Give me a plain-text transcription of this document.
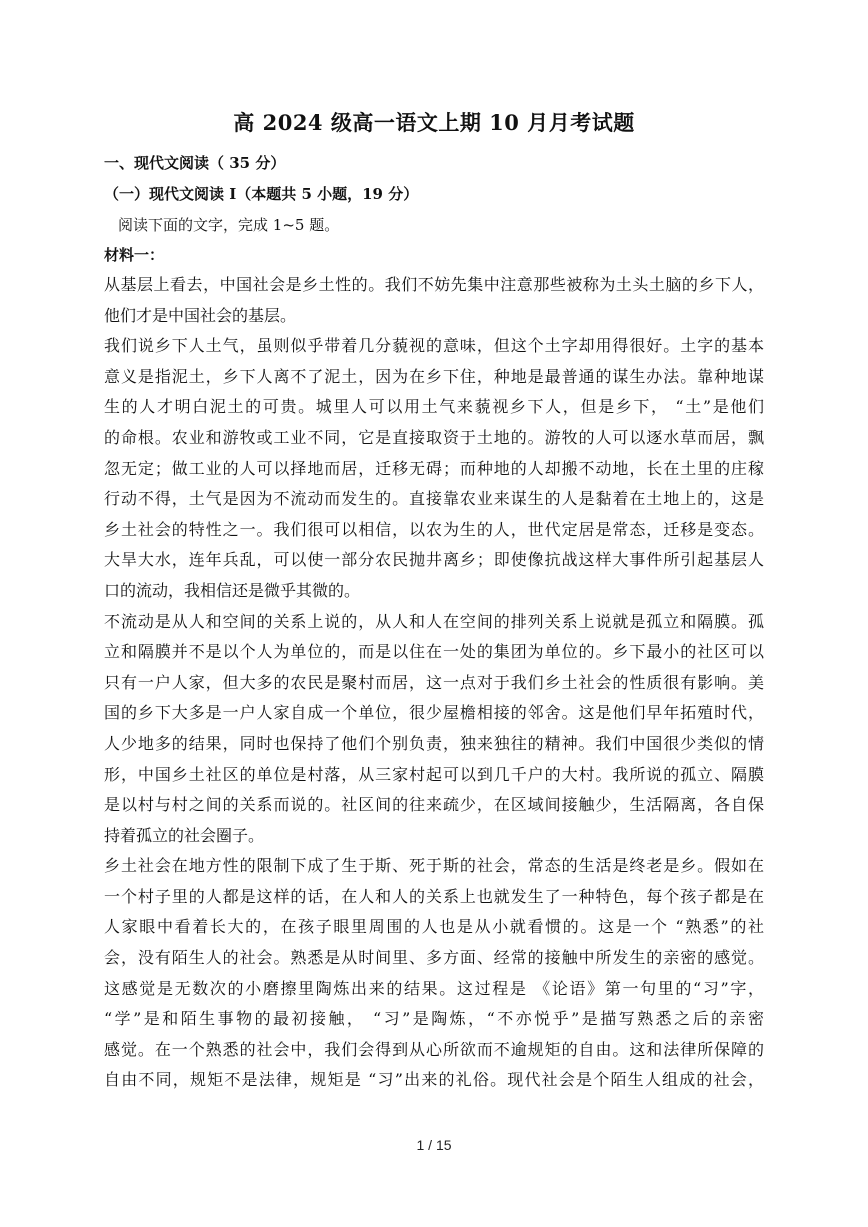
高 2024 级高一语文上期 10 月月考试题
一、现代文阅读（ 35 分）
（一）现代文阅读 I（本题共 5 小题，19 分）
阅读下面的文字，完成 1~5 题。
材料一：
从基层上看去，中国社会是乡土性的。我们不妨先集中注意那些被称为土头土脑的乡下人，
他们才是中国社会的基层。
我们说乡下人土气，虽则似乎带着几分藐视的意味，但这个土字却用得很好。土字的基本
意义是指泥土，乡下人离不了泥土，因为在乡下住，种地是最普通的谋生办法。靠种地谋
生的人才明白泥土的可贵。城里人可以用土气来藐视乡下人，但是乡下， “土”是他们
的命根。农业和游牧或工业不同，它是直接取资于土地的。游牧的人可以逐水草而居，飘
忽无定；做工业的人可以择地而居，迁移无碍；而种地的人却搬不动地，长在土里的庄稼
行动不得，土气是因为不流动而发生的。直接靠农业来谋生的人是黏着在土地上的，这是
乡土社会的特性之一。我们很可以相信，以农为生的人，世代定居是常态，迁移是变态。
大旱大水，连年兵乱，可以使一部分农民抛井离乡；即使像抗战这样大事件所引起基层人
口的流动，我相信还是微乎其微的。
不流动是从人和空间的关系上说的，从人和人在空间的排列关系上说就是孤立和隔膜。孤
立和隔膜并不是以个人为单位的，而是以住在一处的集团为单位的。乡下最小的社区可以
只有一户人家，但大多的农民是聚村而居，这一点对于我们乡土社会的性质很有影响。美
国的乡下大多是一户人家自成一个单位，很少屋檐相接的邻舍。这是他们早年拓殖时代，
人少地多的结果，同时也保持了他们个别负责，独来独往的精神。我们中国很少类似的情
形，中国乡土社区的单位是村落，从三家村起可以到几千户的大村。我所说的孤立、隔膜
是以村与村之间的关系而说的。社区间的往来疏少，在区域间接触少，生活隔离，各自保
持着孤立的社会圈子。
乡土社会在地方性的限制下成了生于斯、死于斯的社会，常态的生活是终老是乡。假如在
一个村子里的人都是这样的话，在人和人的关系上也就发生了一种特色，每个孩子都是在
人家眼中看着长大的，在孩子眼里周围的人也是从小就看惯的。这是一个 “熟悉”的社
会，没有陌生人的社会。熟悉是从时间里、多方面、经常的接触中所发生的亲密的感觉。
这感觉是无数次的小磨擦里陶炼出来的结果。这过程是 《论语》第一句里的“习”字，
“学”是和陌生事物的最初接触， “习”是陶炼，“不亦悦乎”是描写熟悉之后的亲密
感觉。在一个熟悉的社会中，我们会得到从心所欲而不逾规矩的自由。这和法律所保障的
自由不同，规矩不是法律，规矩是 “习”出来的礼俗。现代社会是个陌生人组成的社会，
1 / 15
